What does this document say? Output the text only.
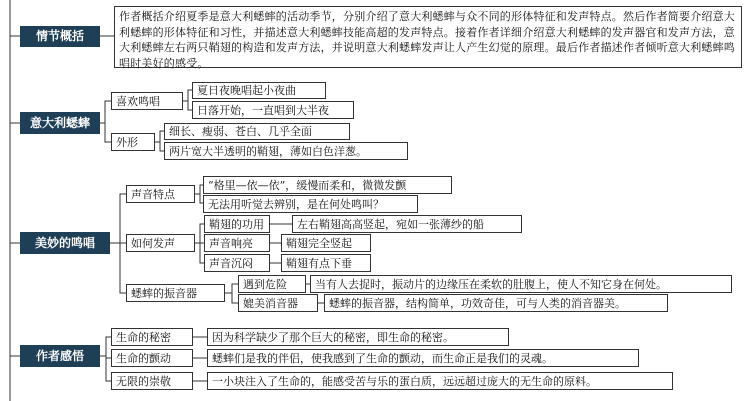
情节概括
意大利蟋蟀
美妙的鸣唱
作者感悟
作者概括介绍夏季是意大利蟋蟀的活动季节，分别介绍了意大利蟋蟀与众不同的形体特征和发声特点。然后作者简要介绍意大利蟋蟀的形体特征和习性，并描述意大利蟋蟀技能高超的发声特点。接着作者详细介绍意大利蟋蟀的发声器官和发声方法，意大利蟋蟀左右两只鞘翅的构造和发声方法，并说明意大利蟋蟀发声让人产生幻觉的原理。最后作者描述作者倾听意大利蟋蟀鸣唱时美好的感受。
喜欢鸣唱
夏日夜晚唱起小夜曲
日落开始，一直唱到大半夜
外形
细长、瘦弱、苍白、几乎全面
两片宽大半透明的鞘翅，薄如白色洋葱。
声音特点
“格里—依—依”，缓慢而柔和，微微发颤
无法用听觉去辨别，是在何处鸣叫？
如何发声
鞘翅的功用	左右鞘翅高高竖起，宛如一张薄纱的船
声音响亮	鞘翅完全竖起
声音沉闷	鞘翅有点下垂
蟋蟀的振音器
遇到危险	当有人去捉时，振动片的边缘压在柔软的肚腹上，使人不知它身在何处。
媲美消音器	蟋蟀的振音器，结构简单，功效奇佳，可与人类的消音器美。
生命的秘密	因为科学缺少了那个巨大的秘密，即生命的秘密。
生命的颤动	蟋蟀们是我的伴侣，使我感到了生命的颤动，而生命正是我们的灵魂。
无限的崇敬	一小块注入了生命的，能感受苦与乐的蛋白质，远远超过庞大的无生命的原料。
